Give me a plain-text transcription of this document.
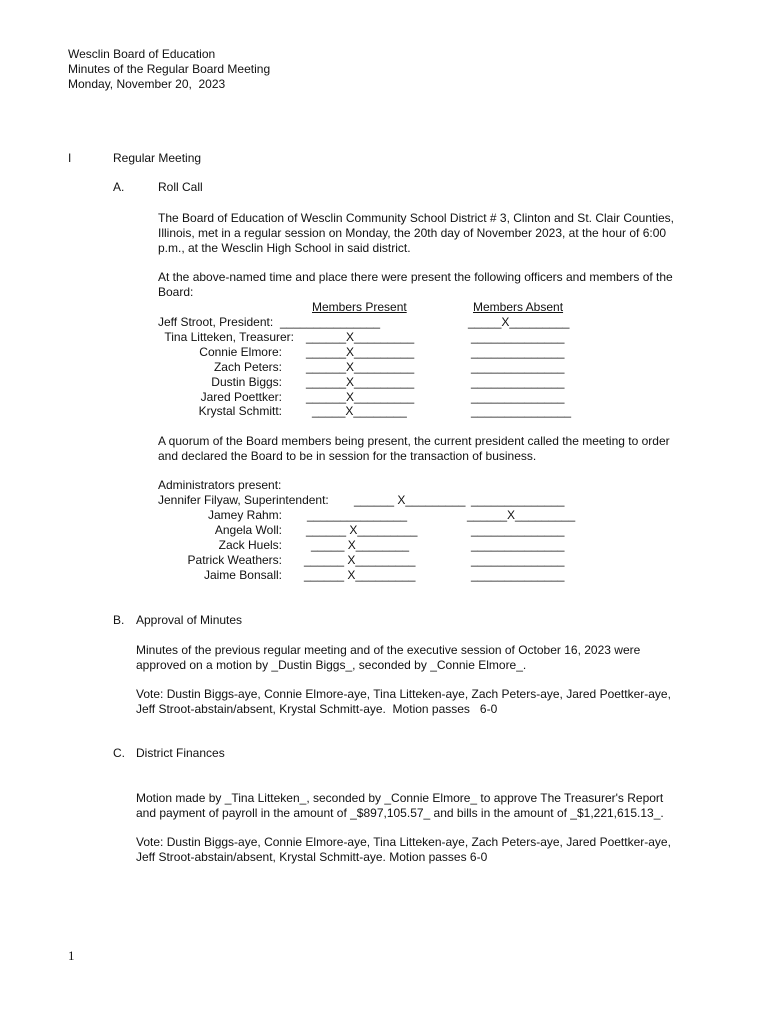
Wesclin Board of Education
Minutes of the Regular Board Meeting
Monday, November 20,  2023
I	Regular Meeting
A.	Roll Call
The Board of Education of Wesclin Community School District # 3, Clinton and St. Clair Counties,
Illinois, met in a regular session on Monday, the 20th day of November 2023, at the hour of 6:00
p.m., at the Wesclin High School in said district.
At the above-named time and place there were present the following officers and members of the
Board:
Members Present	Members Absent
Jeff Stroot, President: _______________	_____X_________
Tina Litteken, Treasurer: ______X_________	______________
Connie Elmore: ______X_________	______________
Zach Peters: ______X_________	______________
Dustin Biggs: ______X_________	______________
Jared Poettker: ______X_________	______________
Krystal Schmitt:	_____X________	_______________
A quorum of the Board members being present, the current president called the meeting to order
and declared the Board to be in session for the transaction of business.
Administrators present:
Jennifer Filyaw, Superintendent: ______ X_________ ______________
Jamey Rahm: _______________	______X_________
Angela Woll: ______ X_________	______________
Zack Huels: _____ X________	______________
Patrick Weathers: ______ X_________	______________
Jaime Bonsall: ______ X_________	______________
B. Approval of Minutes
Minutes of the previous regular meeting and of the executive session of October 16, 2023 were
approved on a motion by _Dustin Biggs_, seconded by _Connie Elmore_.
Vote: Dustin Biggs-aye, Connie Elmore-aye, Tina Litteken-aye, Zach Peters-aye, Jared Poettker-aye,
Jeff Stroot-abstain/absent, Krystal Schmitt-aye.  Motion passes   6-0
C. District Finances
Motion made by _Tina Litteken_, seconded by _Connie Elmore_ to approve The Treasurer's Report
and payment of payroll in the amount of _$897,105.57_ and bills in the amount of _$1,221,615.13_.
Vote: Dustin Biggs-aye, Connie Elmore-aye, Tina Litteken-aye, Zach Peters-aye, Jared Poettker-aye,
Jeff Stroot-abstain/absent, Krystal Schmitt-aye. Motion passes 6-0
1
